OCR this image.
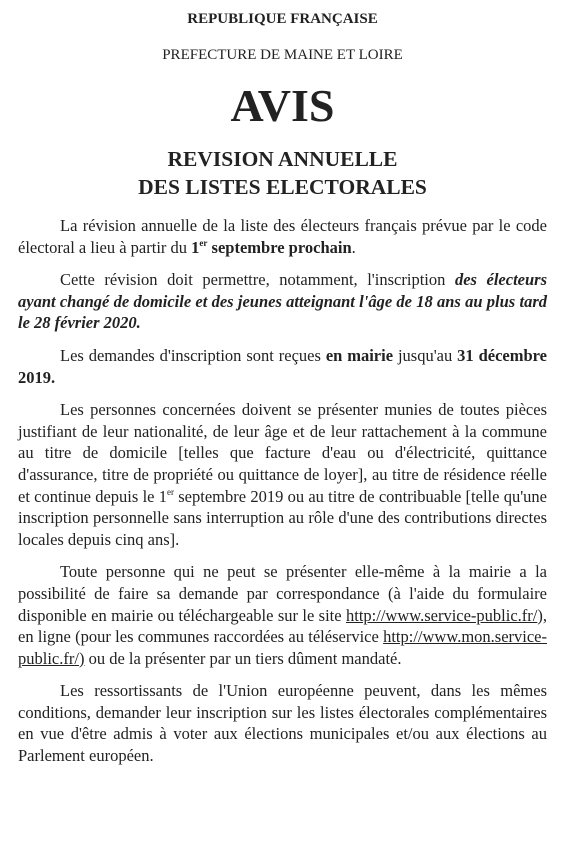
REPUBLIQUE FRANÇAISE

PREFECTURE DE MAINE ET LOIRE

AVIS
REVISION ANNUELLE
DES LISTES ELECTORALES

La révision annuelle de la liste des électeurs français prévue par le code électoral a lieu à partir du 1er septembre prochain.

Cette révision doit permettre, notamment, l'inscription des électeurs ayant changé de domicile et des jeunes atteignant l'âge de 18 ans au plus tard le 28 février 2020.

Les demandes d'inscription sont reçues en mairie jusqu'au 31 décembre 2019.

Les personnes concernées doivent se présenter munies de toutes pièces justifiant de leur nationalité, de leur âge et de leur rattachement à la commune au titre de domicile [telles que facture d'eau ou d'électricité, quittance d'assurance, titre de propriété ou quittance de loyer], au titre de résidence réelle et continue depuis le 1er septembre 2019 ou au titre de contribuable [telle qu'une inscription personnelle sans interruption au rôle d'une des contributions directes locales depuis cinq ans].

Toute personne qui ne peut se présenter elle-même à la mairie a la possibilité de faire sa demande par correspondance (à l'aide du formulaire disponible en mairie ou téléchargeable sur le site http://www.service-public.fr/), en ligne (pour les communes raccordées au téléservice http://www.mon.service-public.fr/) ou de la présenter par un tiers dûment mandaté.

Les ressortissants de l'Union européenne peuvent, dans les mêmes conditions, demander leur inscription sur les listes électorales complémentaires en vue d'être admis à voter aux élections municipales et/ou aux élections au Parlement européen.
